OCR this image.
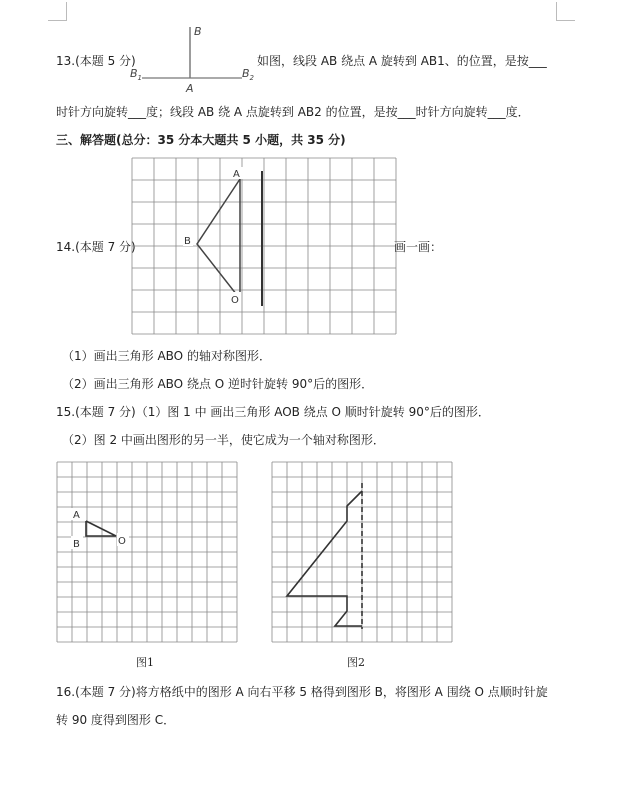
13.(本题 5 分)
B
A
$B_1$	$B_2$
如图，线段 AB 绕点 A 旋转到 AB1、的位置，是按___
时针方向旋转___度；线段 AB 绕 A 点旋转到 AB2 的位置，是按___时针方向旋转___度．
三、解答题(总分：35 分本大题共 5 小题，共 35 分)
14.(本题 7 分)
A
B
O
画一画：
（1）画出三角形 ABO 的轴对称图形．
（2）画出三角形 ABO 绕点 O 逆时针旋转 90°后的图形．
15.(本题 7 分)（1）图 1 中 画出三角形 AOB 绕点 O 顺时针旋转 90°后的图形．
（2）图 2 中画出图形的另一半，使它成为一个轴对称图形．
A
B	O
图1	图2
16.(本题 7 分)将方格纸中的图形 A 向右平移 5 格得到图形 B，将图形 A 围绕 O 点顺时针旋
转 90 度得到图形 C．
